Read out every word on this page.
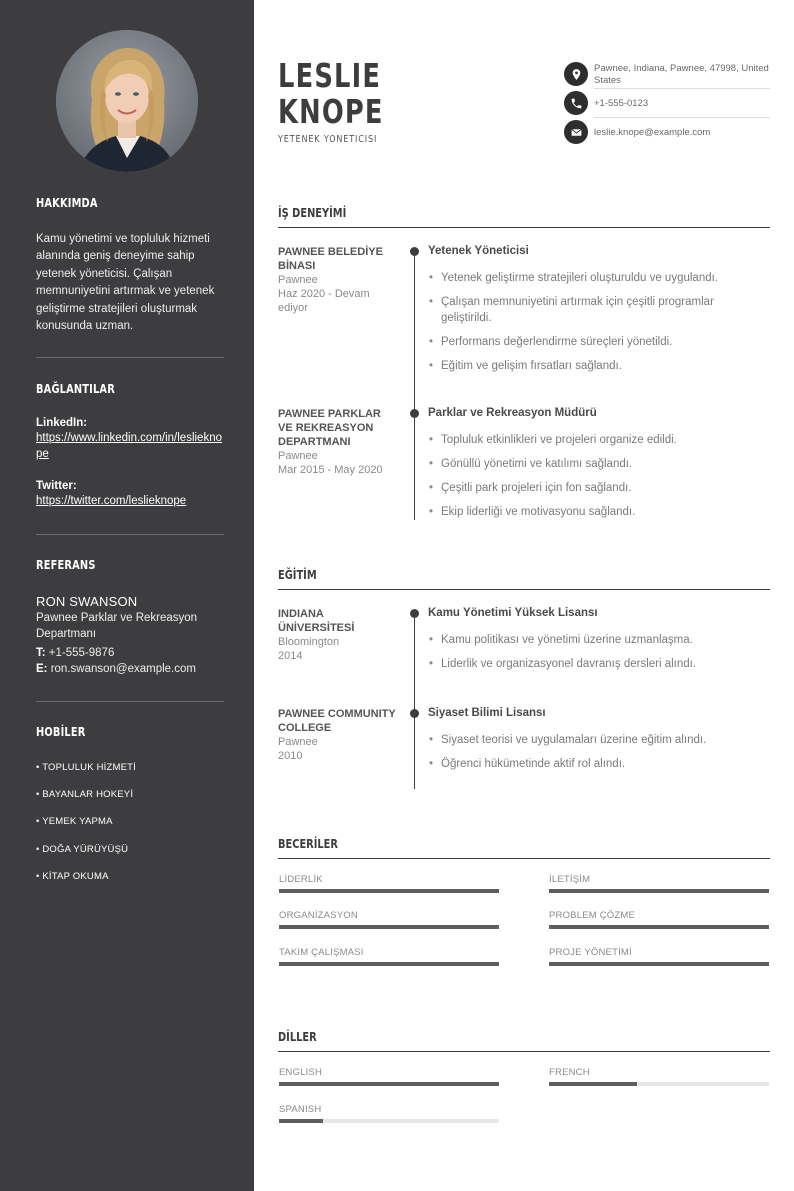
HAKKIMDA
Kamu yönetimi ve topluluk hizmeti alanında geniş deneyime sahip yetenek yöneticisi. Çalışan memnuniyetini artırmak ve yetenek geliştirme stratejileri oluşturmak konusunda uzman.
BAĞLANTILAR
LinkedIn:
https://www.linkedin.com/in/leslieknope
Twitter:
https://twitter.com/leslieknope
REFERANS
RON SWANSON
Pawnee Parklar ve Rekreasyon Departmanı
T: +1-555-9876
E: ron.swanson@example.com
HOBİLER
• TOPLULUK HİZMETİ
• BAYANLAR HOKEYİ
• YEMEK YAPMA
• DOĞA YÜRÜYÜŞÜ
• KİTAP OKUMA
LESLIE
KNOPE
YETENEK YÖNETİCİSİ
Pawnee, Indiana, Pawnee, 47998, United States
+1-555-0123
leslie.knope@example.com
İŞ DENEYİMİ
PAWNEE BELEDİYE BİNASI
Pawnee
Haz 2020 - Devam ediyor
Yetenek Yöneticisi
• Yetenek geliştirme stratejileri oluşturuldu ve uygulandı.
• Çalışan memnuniyetini artırmak için çeşitli programlar geliştirildi.
• Performans değerlendirme süreçleri yönetildi.
• Eğitim ve gelişim fırsatları sağlandı.
PAWNEE PARKLAR VE REKREASYON DEPARTMANI
Pawnee
Mar 2015 - May 2020
Parklar ve Rekreasyon Müdürü
• Topluluk etkinlikleri ve projeleri organize edildi.
• Gönüllü yönetimi ve katılımı sağlandı.
• Çeşitli park projeleri için fon sağlandı.
• Ekip liderliği ve motivasyonu sağlandı.
EĞİTİM
INDIANA ÜNİVERSİTESİ
Bloomington
2014
Kamu Yönetimi Yüksek Lisansı
• Kamu politikası ve yönetimi üzerine uzmanlaşma.
• Liderlik ve organizasyonel davranış dersleri alındı.
PAWNEE COMMUNITY COLLEGE
Pawnee
2010
Siyaset Bilimi Lisansı
• Siyaset teorisi ve uygulamaları üzerine eğitim alındı.
• Öğrenci hükümetinde aktif rol alındı.
BECERİLER
LİDERLİK	İLETİŞİM
ORGANİZASYON	PROBLEM ÇÖZME
TAKIM ÇALIŞMASI	PROJE YÖNETİMİ
DİLLER
ENGLISH	FRENCH
SPANISH
